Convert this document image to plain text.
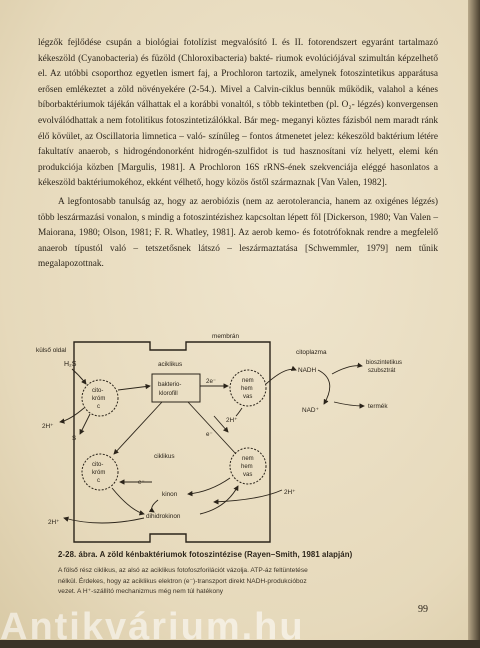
légzők fejlődése csupán a biológiai fotolízist megvalósító I. és II. fotorendszert egyaránt tartalmazó kékeszöld (Cyanobacteria) és füzöld (Chloroxibacteria) bakté- riumok evolúciójával szimultán képzelhető el. Az utóbbi csoporthoz egyetlen ismert faj, a Prochloron tartozik, amelynek fotoszintetikus apparátusa erősen emlékeztet a zöld növényekére (2-54.). Mivel a Calvin-ciklus bennük működik, valahol a kénes bíborbaktériumok tájékán válhattak el a korábbi vonaltól, s több tekintetben (pl. O₂- légzés) konvergensen evolválódhattak a nem fotolitikus fotoszintetizálókkal. Bár meg- meganyi köztes fázisból nem maradt ránk élő kövület, az Oscillatoria limnetica – való- színűleg – fontos átmenetet jelez: kékeszöld baktérium létére fakultatív anaerob, s hidrogéndonorként hidrogén-szulfidot is tud hasznosítani víz helyett, elemi kén produkciója közben [Margulis, 1981]. A Prochloron 16S rRNS-ének szekvenciája eléggé hasonlatos a kékeszöld baktériumokéhoz, ekként vélhető, hogy közös őstől származnak [Van Valen, 1982].

A legfontosabb tanulság az, hogy az aerobiózis (nem az aerotolerancia, hanem az oxigénes légzés) több leszármazási vonalon, s mindig a fotoszintézishez kapcsoltan lépett föl [Dickerson, 1980; Van Valen – Maiorana, 1980; Olson, 1981; F. R. Whatley, 1981]. Az aerob kemo- és fototrófoknak rendre a megfelelő anaerob típustól való – tetszetősnek látszó – leszármaztatása [Schwemmler, 1979] nem tűnik megalapozottnak.

membrán
külső oldal	citoplazma
H₂S
cito-
króm
c
bakterio-
klorofill
aciklikus
2e⁻	nem
hem
vas
NADH
NAD⁺
bioszintetikus
szubsztrát
termék
2H⁺
S
2H⁺
ciklikus
e⁻
cito-
króm
c
nem
hem
vas
e⁻
kinon
dihidrokinon
2H⁺
2H⁺
2-28. ábra. A zöld kénbaktériumok fotoszintézise (Rayen–Smith, 1981 alapján)

A fölső rész ciklikus, az alsó az aciklikus fotofoszforilációt vázolja. ATP-áz feltüntetése

nélkül. Érdekes, hogy az aciklikus elektron (e⁻)-transzport direkt NADH-produkcióboz

vezet. A H⁺-szállító mechanizmus még nem túl hatékony

99
Antikvárium.hu
